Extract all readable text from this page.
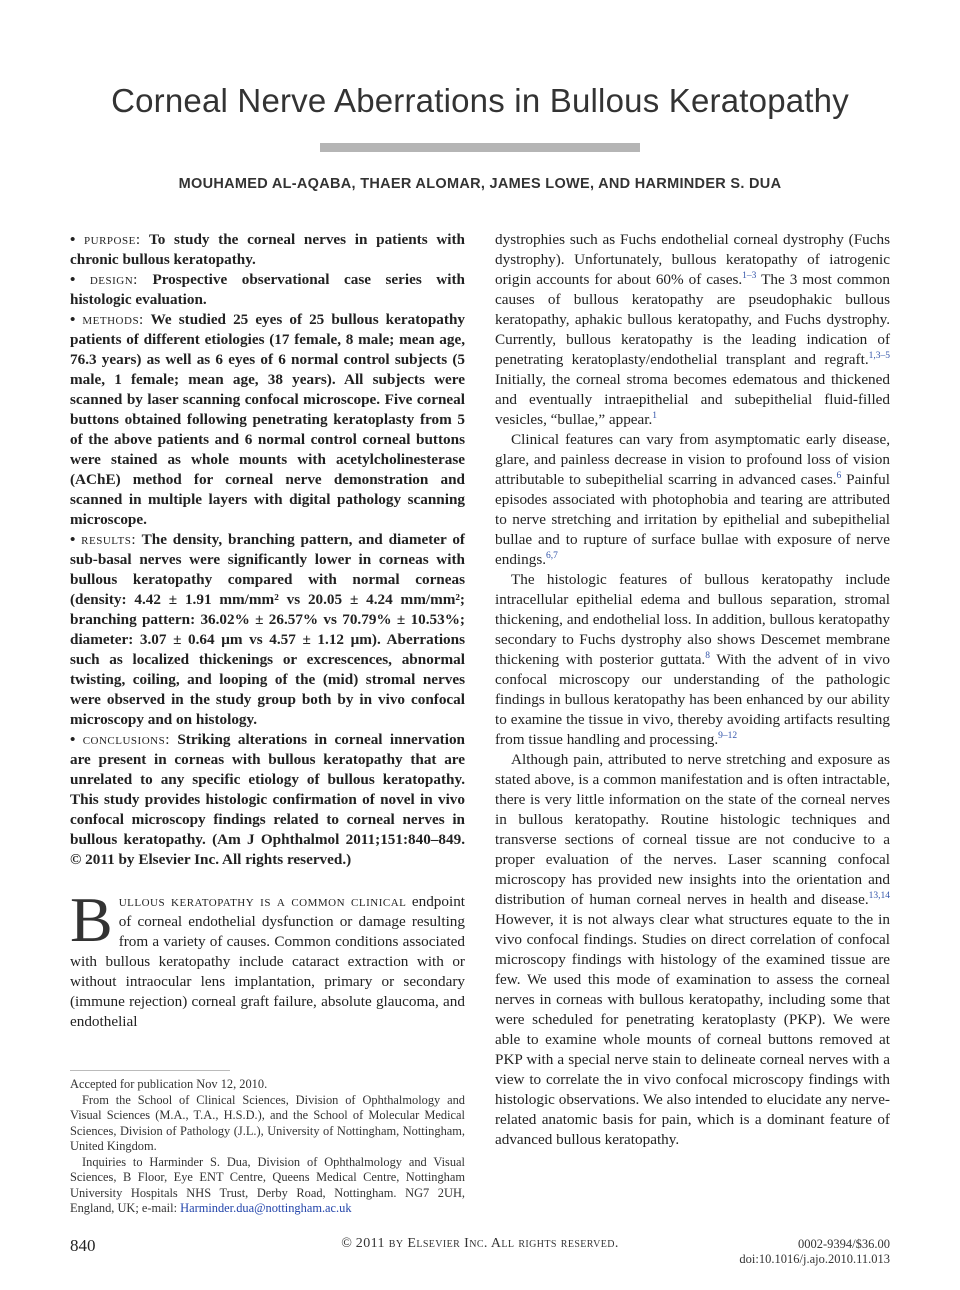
Corneal Nerve Aberrations in Bullous Keratopathy
MOUHAMED AL-AQABA, THAER ALOMAR, JAMES LOWE, AND HARMINDER S. DUA

• purpose: To study the corneal nerves in patients with chronic bullous keratopathy.

• design: Prospective observational case series with histologic evaluation.

• methods: We studied 25 eyes of 25 bullous keratopathy patients of different etiologies (17 female, 8 male; mean age, 76.3 years) as well as 6 eyes of 6 normal control subjects (5 male, 1 female; mean age, 38 years). All subjects were scanned by laser scanning confocal microscope. Five corneal buttons obtained following penetrating keratoplasty from 5 of the above patients and 6 normal control corneal buttons were stained as whole mounts with acetylcholinesterase (AChE) method for corneal nerve demonstration and scanned in multiple layers with digital pathology scanning microscope.

• results: The density, branching pattern, and diameter of sub-basal nerves were significantly lower in corneas with bullous keratopathy compared with normal corneas (density: 4.42 ± 1.91 mm/mm² vs 20.05 ± 4.24 mm/mm²; branching pattern: 36.02% ± 26.57% vs 70.79% ± 10.53%; diameter: 3.07 ± 0.64 μm vs 4.57 ± 1.12 μm). Aberrations such as localized thickenings or excrescences, abnormal twisting, coiling, and looping of the (mid) stromal nerves were observed in the study group both by in vivo confocal microscopy and on histology.

• conclusions: Striking alterations in corneal innervation are present in corneas with bullous keratopathy that are unrelated to any specific etiology of bullous keratopathy. This study provides histologic confirmation of novel in vivo confocal microscopy findings related to corneal nerves in bullous keratopathy. (Am J Ophthalmol 2011;151:840–849. © 2011 by Elsevier Inc. All rights reserved.)

Bullous keratopathy is a common clinical endpoint of corneal endothelial dysfunction or damage resulting from a variety of causes. Common conditions associated with bullous keratopathy include cataract extraction with or without intraocular lens implantation, primary or secondary (immune rejection) corneal graft failure, absolute glaucoma, and endothelial

Accepted for publication Nov 12, 2010.

From the School of Clinical Sciences, Division of Ophthalmology and Visual Sciences (M.A., T.A., H.S.D.), and the School of Molecular Medical Sciences, Division of Pathology (J.L.), University of Nottingham, Nottingham, United Kingdom.

Inquiries to Harminder S. Dua, Division of Ophthalmology and Visual Sciences, B Floor, Eye ENT Centre, Queens Medical Centre, Nottingham University Hospitals NHS Trust, Derby Road, Nottingham. NG7 2UH, England, UK; e-mail: Harminder.dua@nottingham.ac.uk

dystrophies such as Fuchs endothelial corneal dystrophy (Fuchs dystrophy). Unfortunately, bullous keratopathy of iatrogenic origin accounts for about 60% of cases.$^{1-3}$ The 3 most common causes of bullous keratopathy are pseudophakic bullous keratopathy, aphakic bullous keratopathy, and Fuchs dystrophy. Currently, bullous keratopathy is the leading indication of penetrating keratoplasty/endothelial transplant and regraft.$^{1,3-5}$ Initially, the corneal stroma becomes edematous and thickened and eventually intraepithelial and subepithelial fluid-filled vesicles, “bullae,” appear.$^1$

Clinical features can vary from asymptomatic early disease, glare, and painless decrease in vision to profound loss of vision attributable to subepithelial scarring in advanced cases.$^6$ Painful episodes associated with photophobia and tearing are attributed to nerve stretching and irritation by epithelial and subepithelial bullae and to rupture of surface bullae with exposure of nerve endings.$^{6,7}$

The histologic features of bullous keratopathy include intracellular epithelial edema and bullous separation, stromal thickening, and endothelial loss. In addition, bullous keratopathy secondary to Fuchs dystrophy also shows Descemet membrane thickening with posterior guttata.$^8$ With the advent of in vivo confocal microscopy our understanding of the pathologic findings in bullous keratopathy has been enhanced by our ability to examine the tissue in vivo, thereby avoiding artifacts resulting from tissue handling and processing.$^{9-12}$

Although pain, attributed to nerve stretching and exposure as stated above, is a common manifestation and is often intractable, there is very little information on the state of the corneal nerves in bullous keratopathy. Routine histologic techniques and transverse sections of corneal tissue are not conducive to a proper evaluation of the nerves. Laser scanning confocal microscopy has provided new insights into the orientation and distribution of human corneal nerves in health and disease.$^{13,14}$ However, it is not always clear what structures equate to the in vivo confocal findings. Studies on direct correlation of confocal microscopy findings with histology of the examined tissue are few. We used this mode of examination to assess the corneal nerves in corneas with bullous keratopathy, including some that were scheduled for penetrating keratoplasty (PKP). We were able to examine whole mounts of corneal buttons removed at PKP with a special nerve stain to delineate corneal nerves with a view to correlate the in vivo confocal microscopy findings with histologic observations. We also intended to elucidate any nerve-related anatomic basis for pain, which is a dominant feature of advanced bullous keratopathy.

840	© 2011 by Elsevier Inc. All rights reserved.	0002-9394/$36.00
doi:10.1016/j.ajo.2010.11.013
